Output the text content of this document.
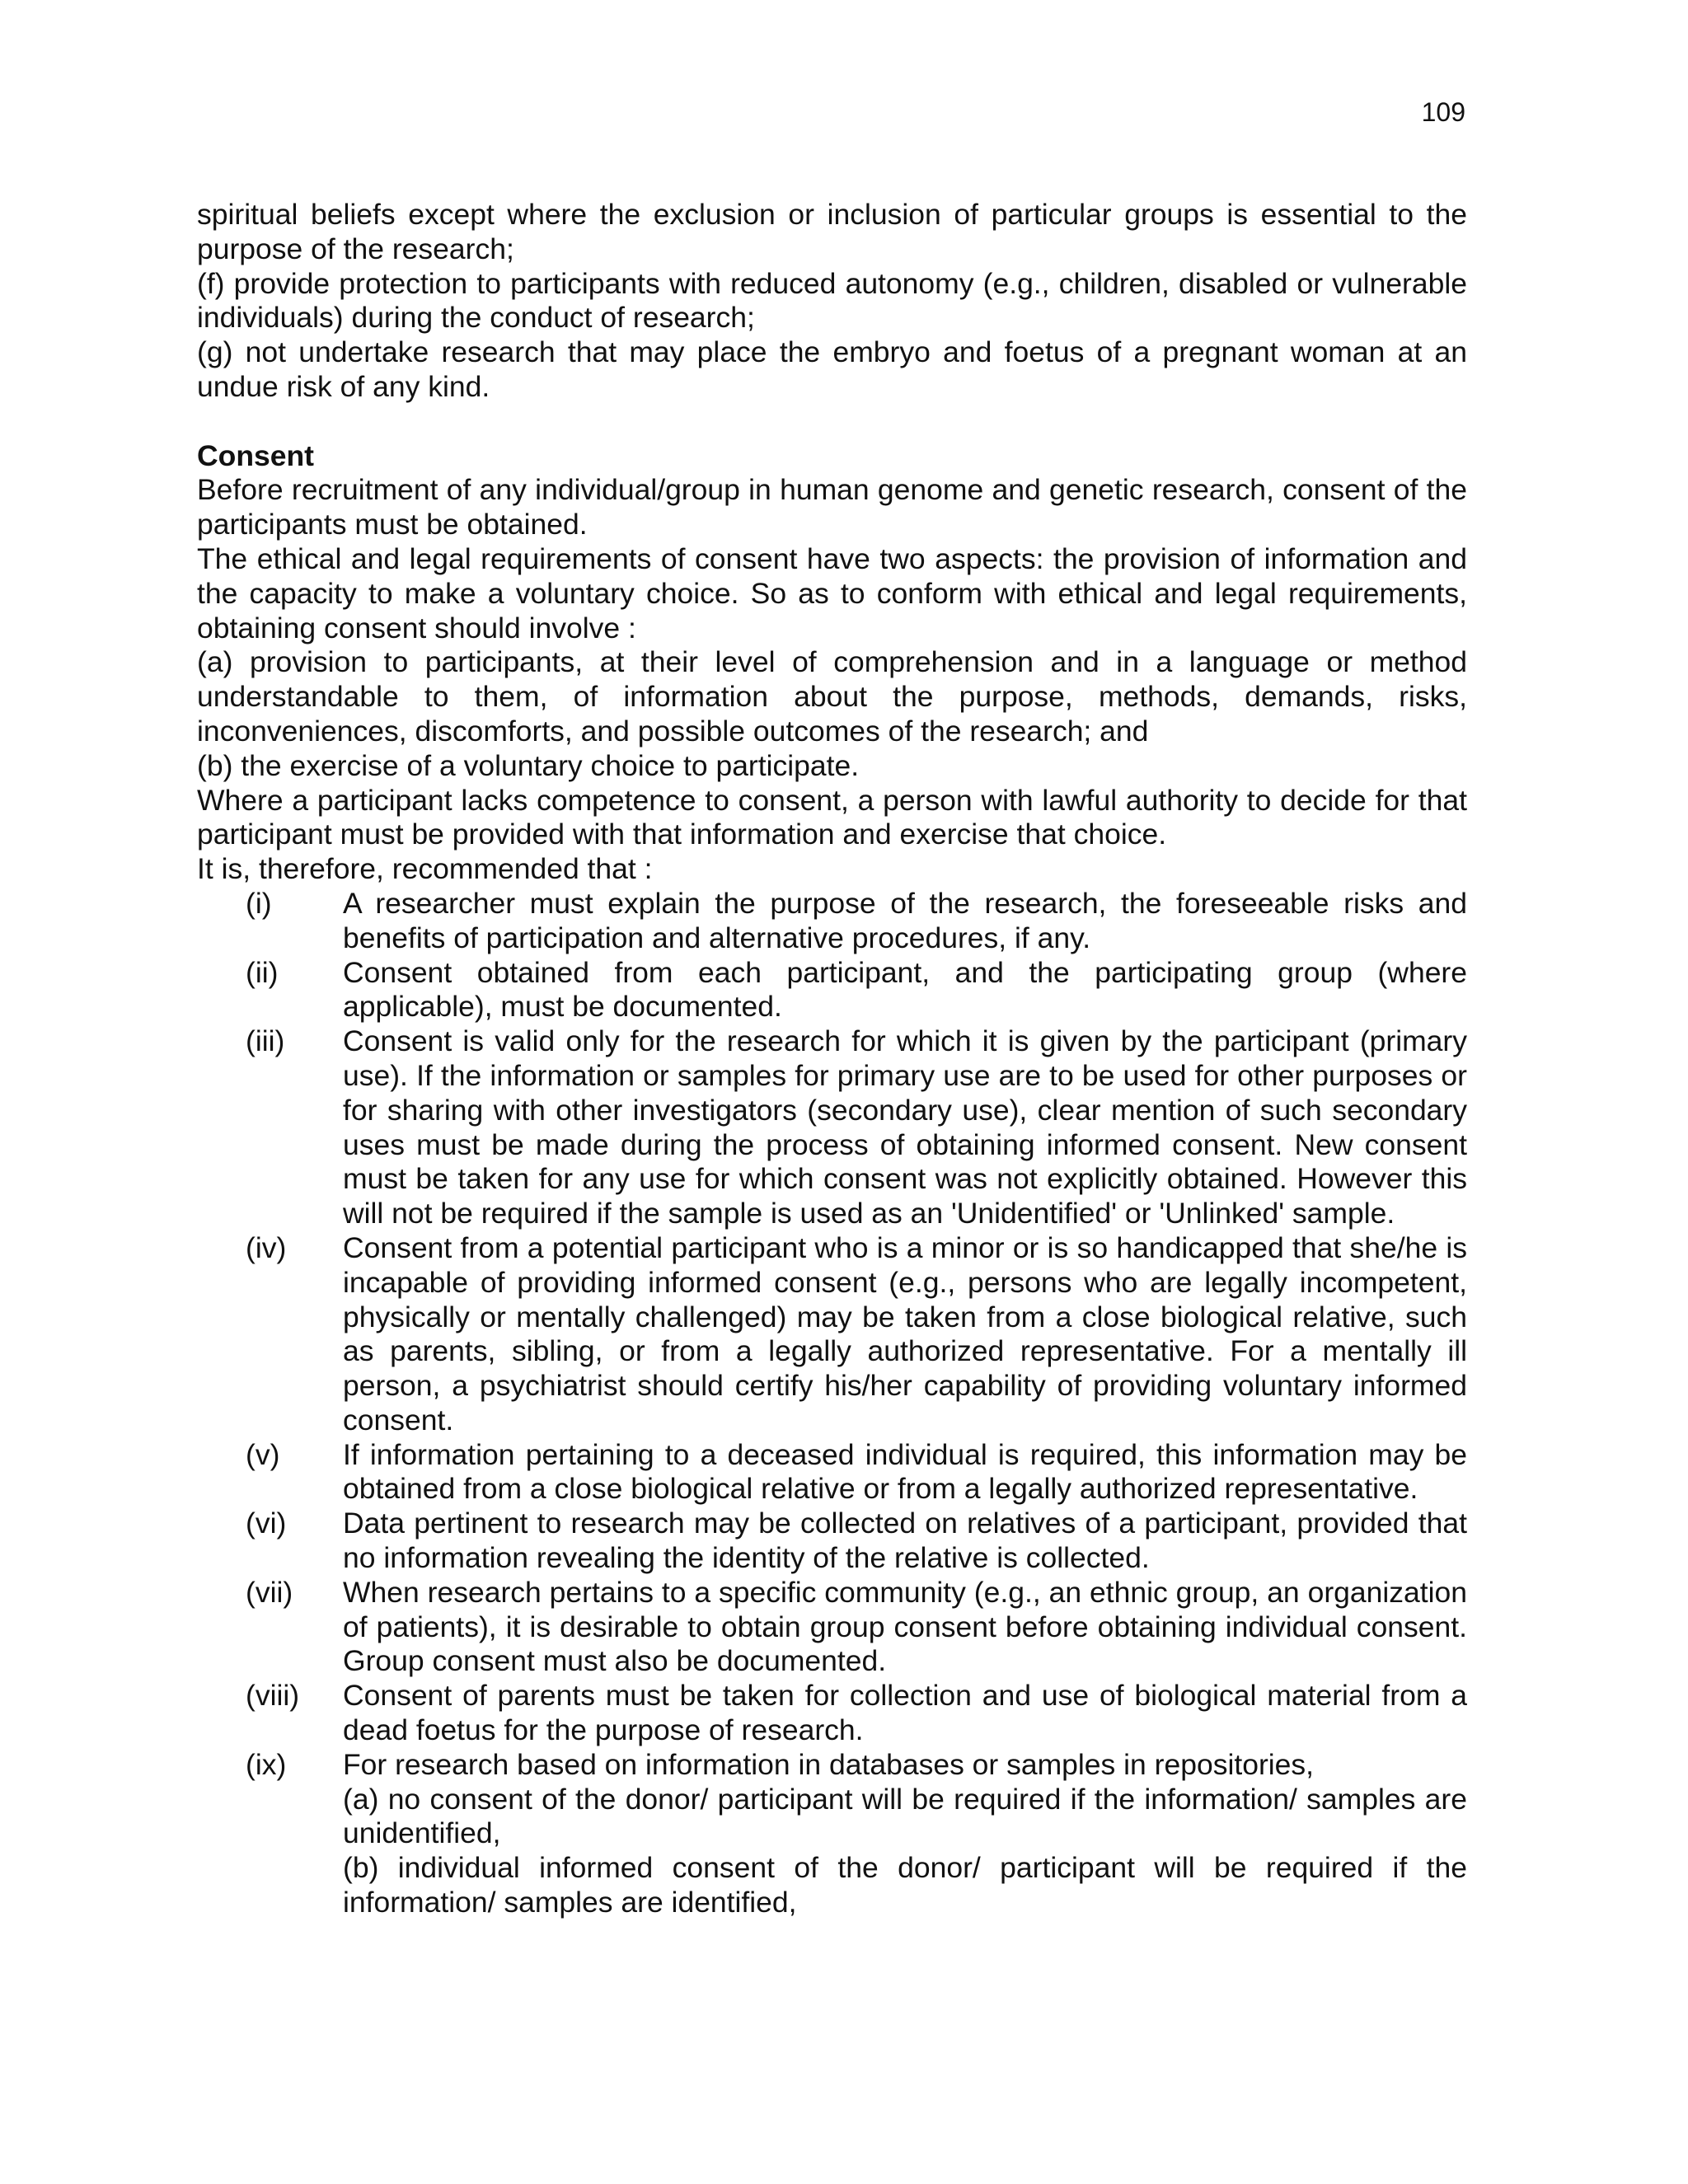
109

spiritual beliefs except where the exclusion or inclusion of particular groups is essential to the purpose of the research;

(f) provide protection to participants with reduced autonomy (e.g., children, disabled or vulnerable individuals) during the conduct of research;

(g) not undertake research that may place the embryo and foetus of a pregnant woman at an undue risk of any kind.

Consent

Before recruitment of any individual/group in human genome and genetic research, consent of the participants must be obtained.

The ethical and legal requirements of consent have two aspects: the provision of information and the capacity to make a voluntary choice. So as to conform with ethical and legal requirements, obtaining consent should involve :

(a) provision to participants, at their level of comprehension and in a language or method understandable to them, of information about the purpose, methods, demands, risks, inconveniences, discomforts, and possible outcomes of the research; and

(b) the exercise of a voluntary choice to participate.

Where a participant lacks competence to consent, a person with lawful authority to decide for that participant must be provided with that information and exercise that choice.

It is, therefore, recommended that :

(i)	A researcher must explain the purpose of the research, the foreseeable risks and benefits of participation and alternative procedures, if any.
(ii)	Consent obtained from each participant, and the participating group (where applicable), must be documented.
(iii)	Consent is valid only for the research for which it is given by the participant (primary use). If the information or samples for primary use are to be used for other purposes or for sharing with other investigators (secondary use), clear mention of such secondary uses must be made during the process of obtaining informed consent. New consent must be taken for any use for which consent was not explicitly obtained. However this will not be required if the sample is used as an 'Unidentified' or 'Unlinked' sample.
(iv)	Consent from a potential participant who is a minor or is so handicapped that she/he is incapable of providing informed consent (e.g., persons who are legally incompetent, physically or mentally challenged) may be taken from a close biological relative, such as parents, sibling, or from a legally authorized representative. For a mentally ill person, a psychiatrist should certify his/her capability of providing voluntary informed consent.
(v)	If information pertaining to a deceased individual is required, this information may be obtained from a close biological relative or from a legally authorized representative.
(vi)	Data pertinent to research may be collected on relatives of a participant, provided that no information revealing the identity of the relative is collected.
(vii)	When research pertains to a specific community (e.g., an ethnic group, an organization of patients), it is desirable to obtain group consent before obtaining individual consent. Group consent must also be documented.
(viii)	Consent of parents must be taken for collection and use of biological material from a dead foetus for the purpose of research.
(ix)	For research based on information in databases or samples in repositories,

(a) no consent of the donor/ participant will be required if the information/ samples are unidentified,

(b) individual informed consent of the donor/ participant will be required if the information/ samples are identified,
